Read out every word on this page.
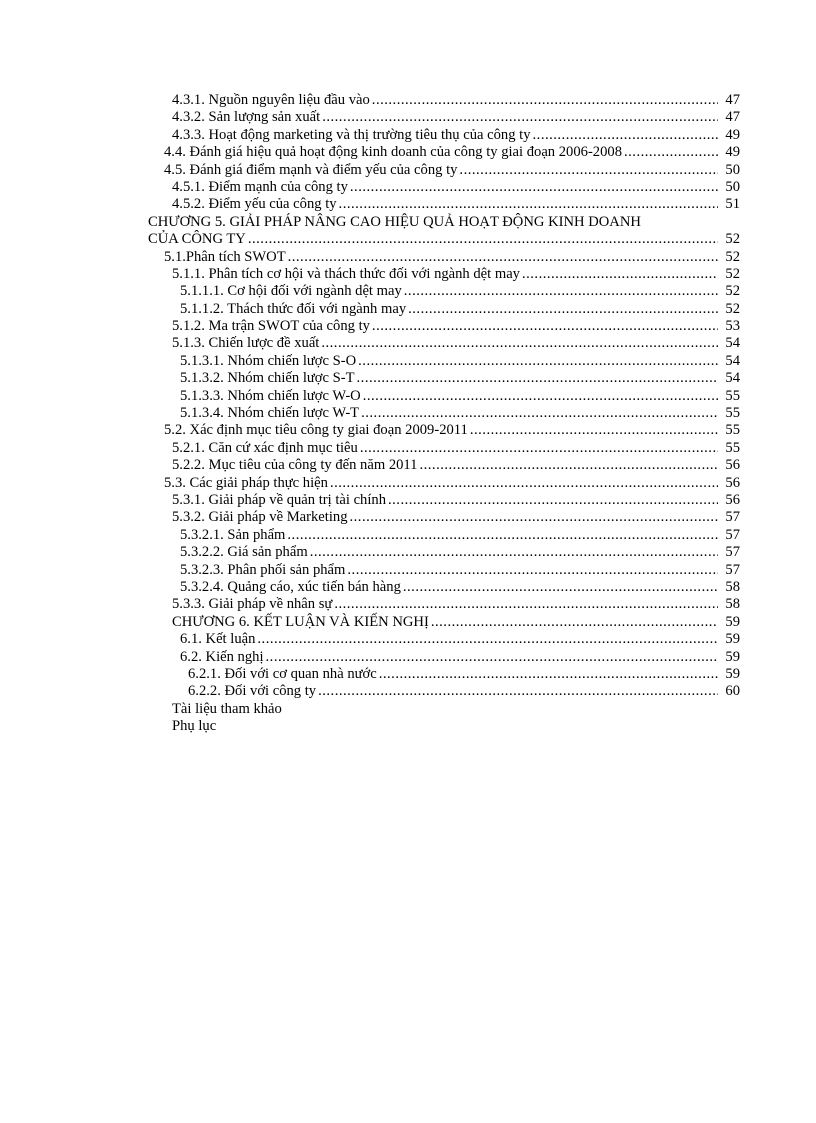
4.3.1. Nguồn nguyên liệu đầu vào .....	47
4.3.2. Sản lượng sản xuất .....	47
4.3.3. Hoạt động marketing và thị trường tiêu thụ của công ty .....	49
4.4. Đánh giá hiệu quả hoạt động kinh doanh của công ty giai đoạn 2006-2008 .....	49
4.5. Đánh giá điểm mạnh và điểm yếu của công ty .....	50
4.5.1. Điểm mạnh của công ty .....	50
4.5.2. Điểm yếu của công ty .....	51
CHƯƠNG 5. GIẢI PHÁP NÂNG CAO HIỆU QUẢ HOẠT ĐỘNG KINH DOANH
CỦA CÔNG TY .....	52
5.1.Phân tích SWOT .....	52
5.1.1. Phân tích cơ hội và thách thức đối với ngành dệt may .....	52
5.1.1.1. Cơ hội đối với ngành dệt may .....	52
5.1.1.2. Thách thức đối với ngành may .....	52
5.1.2. Ma trận SWOT của công ty .....	53
5.1.3. Chiến lược đề xuất .....	54
5.1.3.1. Nhóm chiến lược S-O .....	54
5.1.3.2. Nhóm chiến lược S-T .....	54
5.1.3.3. Nhóm chiến lược W-O .....	55
5.1.3.4. Nhóm chiến lược W-T .....	55
5.2. Xác định mục tiêu công ty giai đoạn 2009-2011 .....	55
5.2.1. Căn cứ xác định mục tiêu .....	55
5.2.2. Mục tiêu của công ty đến năm 2011 .....	56
5.3. Các giải pháp thực hiện .....	56
5.3.1. Giải pháp về quản trị tài chính .....	56
5.3.2. Giải pháp về Marketing .....	57
5.3.2.1. Sản phẩm .....	57
5.3.2.2. Giá sản phẩm .....	57
5.3.2.3. Phân phối sản phẩm .....	57
5.3.2.4. Quảng cáo, xúc tiến bán hàng .....	58
5.3.3. Giải pháp về nhân sự .....	58
CHƯƠNG 6. KẾT LUẬN VÀ KIẾN NGHỊ .....	59
6.1. Kết luận .....	59
6.2. Kiến nghị .....	59
6.2.1. Đối với cơ quan nhà nước .....	59
6.2.2. Đối với công ty .....	60
Tài liệu tham khảo
Phụ lục
